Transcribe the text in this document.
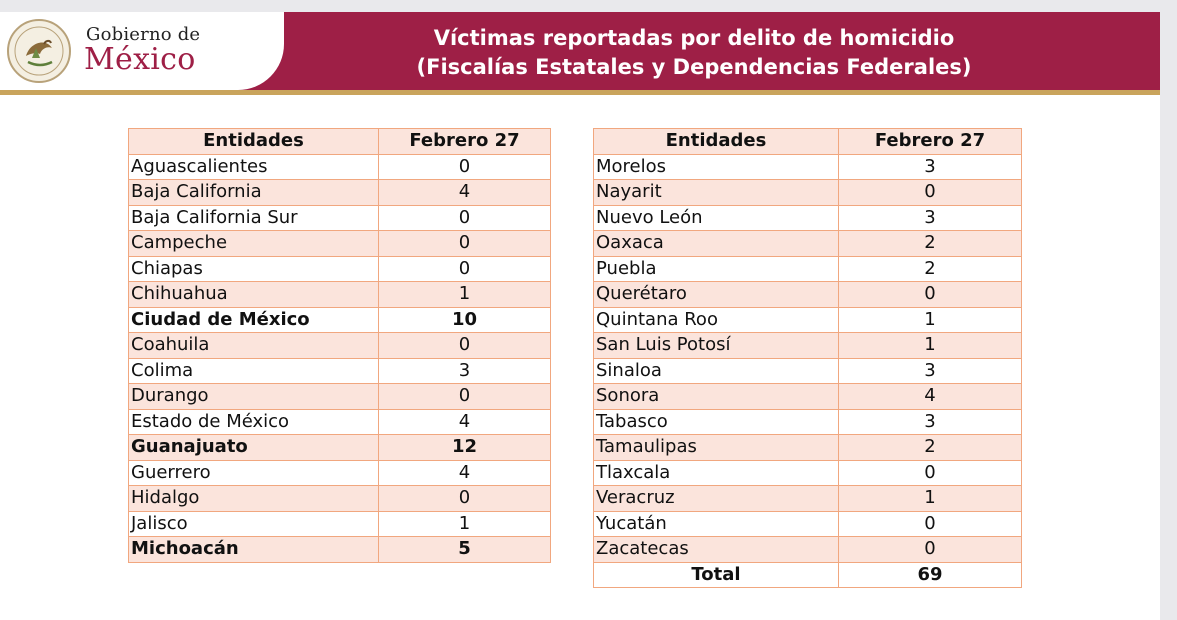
Gobierno de
México
Víctimas reportadas por delito de homicidio
(Fiscalías Estatales y Dependencias Federales)
Entidades	Febrero 27
Aguascalientes	0
Baja California	4
Baja California Sur	0
Campeche	0
Chiapas	0
Chihuahua	1
Ciudad de México	10
Coahuila	0
Colima	3
Durango	0
Estado de México	4
Guanajuato	12
Guerrero	4
Hidalgo	0
Jalisco	1
Michoacán	5
Entidades	Febrero 27
Morelos	3
Nayarit	0
Nuevo León	3
Oaxaca	2
Puebla	2
Querétaro	0
Quintana Roo	1
San Luis Potosí	1
Sinaloa	3
Sonora	4
Tabasco	3
Tamaulipas	2
Tlaxcala	0
Veracruz	1
Yucatán	0
Zacatecas	0
Total	69
